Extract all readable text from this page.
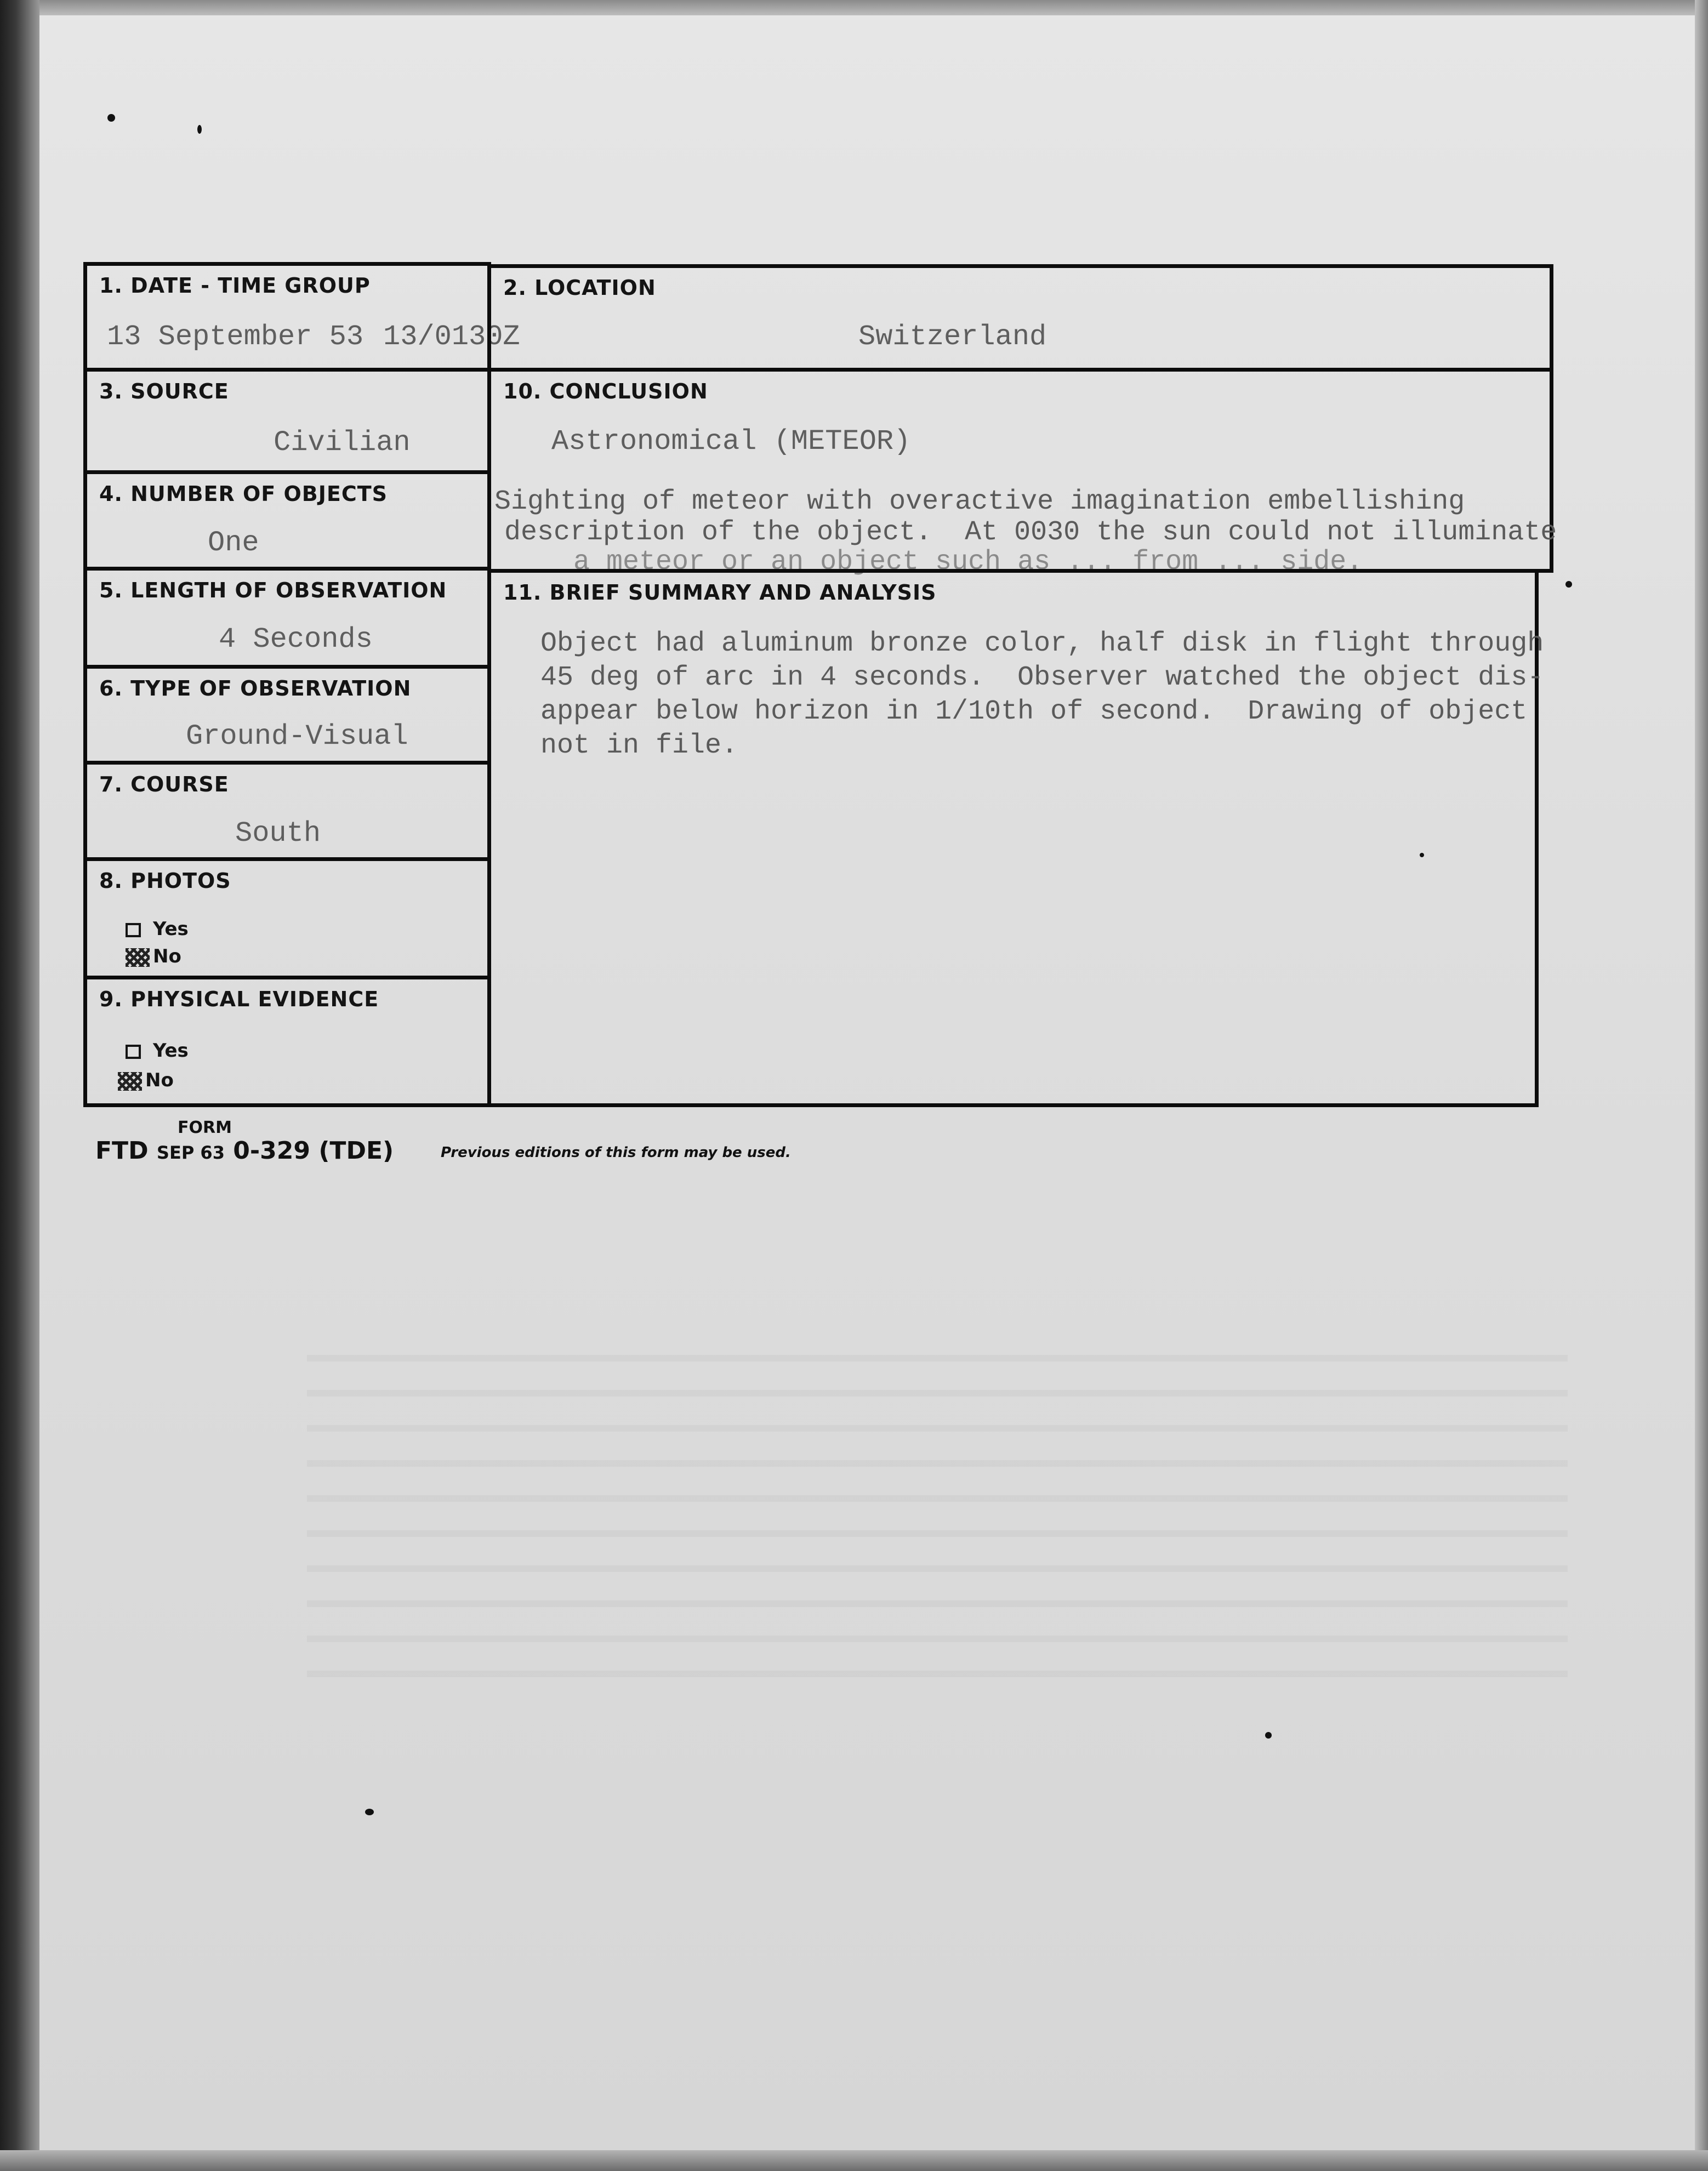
1. DATE - TIME GROUP
13 September 53 13/0130Z
2. LOCATION
Switzerland
3. SOURCE
Civilian
4. NUMBER OF OBJECTS
One
5. LENGTH OF OBSERVATION
4 Seconds
6. TYPE OF OBSERVATION
Ground-Visual
7. COURSE
South
8. PHOTOS
Yes
No
9. PHYSICAL EVIDENCE
Yes
No
10. CONCLUSION
Astronomical (METEOR)
Sighting of meteor with overactive imagination embellishing
description of the object.  At 0030 the sun could not illuminate
a meteor or an object such as ... from ... side.
11. BRIEF SUMMARY AND ANALYSIS
Object had aluminum bronze color, half disk in flight through
45 deg of arc in 4 seconds.  Observer watched the object dis-
appear below horizon in 1/10th of second.  Drawing of object
not in file.
FORM
FTD SEP 63 0-329 (TDE)	Previous editions of this form may be used.
